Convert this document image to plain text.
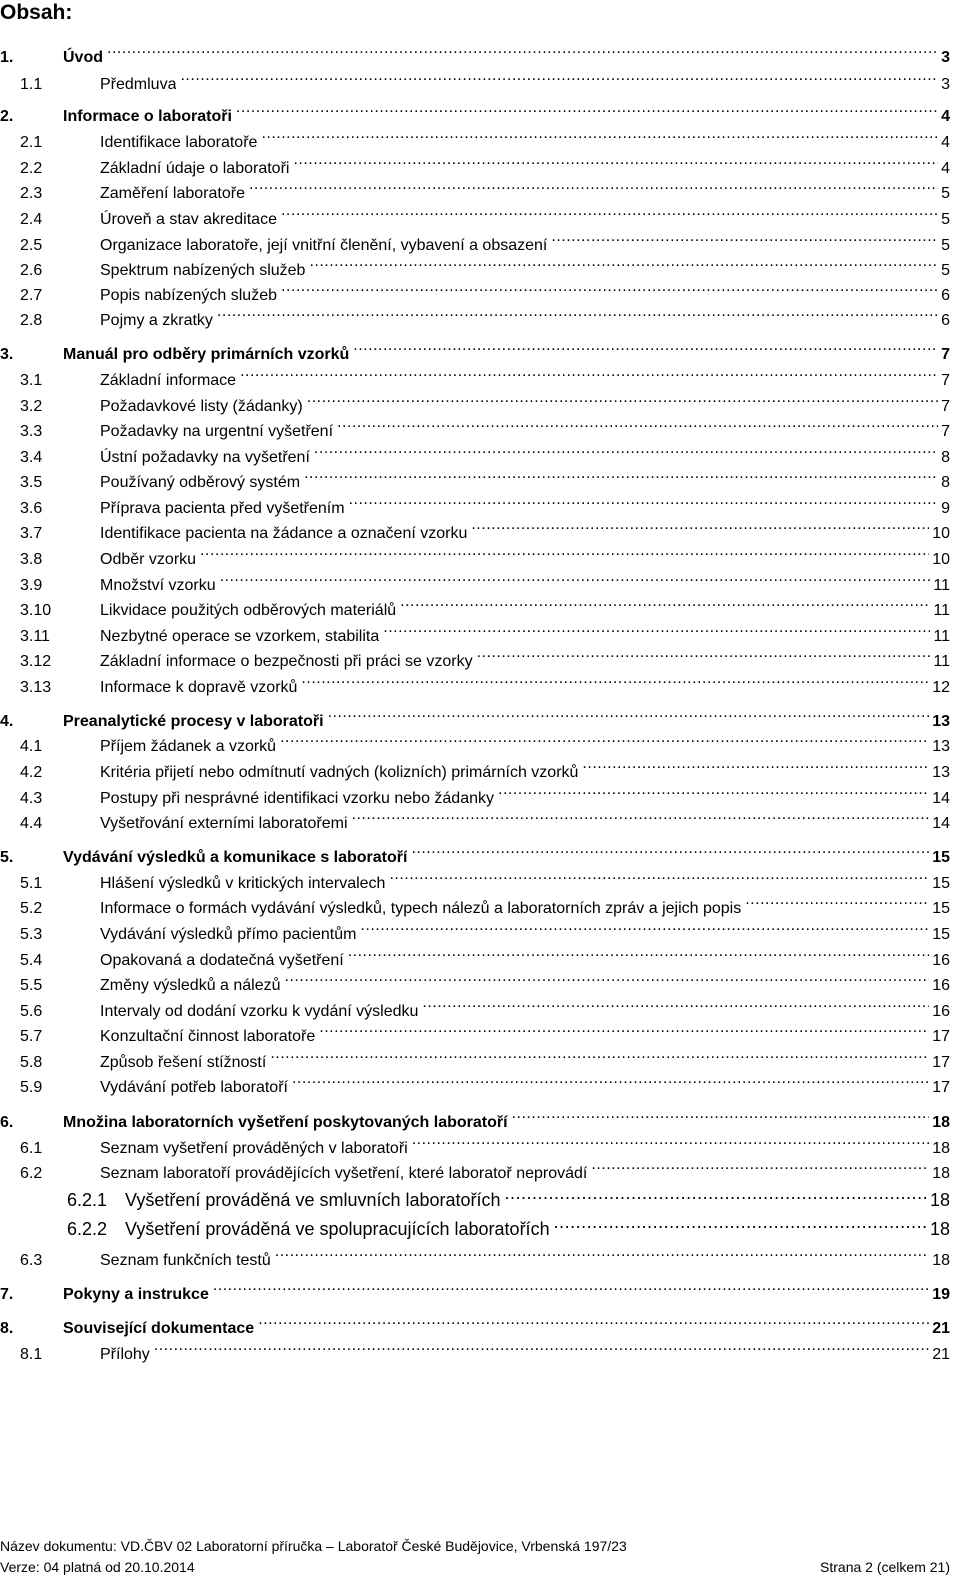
Obsah:
1.	Úvod .....	3
1.1	Předmluva .....	3
2.	Informace o laboratoři .....	4
2.1	Identifikace laboratoře .....	4
2.2	Základní údaje o laboratoři .....	4
2.3	Zaměření laboratoře .....	5
2.4	Úroveň a stav akreditace .....	5
2.5	Organizace laboratoře, její vnitřní členění, vybavení a obsazení .....	5
2.6	Spektrum nabízených služeb .....	5
2.7	Popis nabízených služeb .....	6
2.8	Pojmy a zkratky .....	6
3.	Manuál pro odběry primárních vzorků .....	7
3.1	Základní informace .....	7
3.2	Požadavkové listy (žádanky) .....	7
3.3	Požadavky na urgentní vyšetření .....	7
3.4	Ústní požadavky na vyšetření .....	8
3.5	Používaný odběrový systém .....	8
3.6	Příprava pacienta před vyšetřením .....	9
3.7	Identifikace pacienta na žádance a označení vzorku .....	10
3.8	Odběr vzorku .....	10
3.9	Množství vzorku .....	11
3.10	Likvidace použitých odběrových materiálů .....	11
3.11	Nezbytné operace se vzorkem, stabilita .....	11
3.12	Základní informace o bezpečnosti při práci se vzorky .....	11
3.13	Informace k dopravě vzorků .....	12
4.	Preanalytické procesy v laboratoři .....	13
4.1	Příjem žádanek a vzorků .....	13
4.2	Kritéria přijetí nebo odmítnutí vadných (kolizních) primárních vzorků .....	13
4.3	Postupy při nesprávné identifikaci vzorku nebo žádanky .....	14
4.4	Vyšetřování externími laboratořemi .....	14
5.	Vydávání výsledků a komunikace s laboratoří .....	15
5.1	Hlášení výsledků v kritických intervalech .....	15
5.2	Informace o formách vydávání výsledků, typech nálezů a laboratorních zpráv a jejich popis .....	15
5.3	Vydávání výsledků přímo pacientům .....	15
5.4	Opakovaná a dodatečná vyšetření .....	16
5.5	Změny výsledků a nálezů .....	16
5.6	Intervaly od dodání vzorku k vydání výsledku .....	16
5.7	Konzultační činnost laboratoře .....	17
5.8	Způsob řešení stížností .....	17
5.9	Vydávání potřeb laboratoří .....	17
6.	Množina laboratorních vyšetření poskytovaných laboratoří .....	18
6.1	Seznam vyšetření prováděných v laboratoři .....	18
6.2	Seznam laboratoří provádějících vyšetření, které laboratoř neprovádí .....	18
6.2.1 Vyšetření prováděná ve smluvních laboratořích .....	18
6.2.2 Vyšetření prováděná ve spolupracujících laboratořích .....	18
6.3	Seznam funkčních testů .....	18
7.	Pokyny a instrukce .....	19
8.	Související dokumentace .....	21
8.1	Přílohy .....	21
Název dokumentu: VD.ČBV 02 Laboratorní příručka – Laboratoř České Budějovice, Vrbenská 197/23
Verze: 04 platná od 20.10.2014	Strana 2 (celkem 21)
